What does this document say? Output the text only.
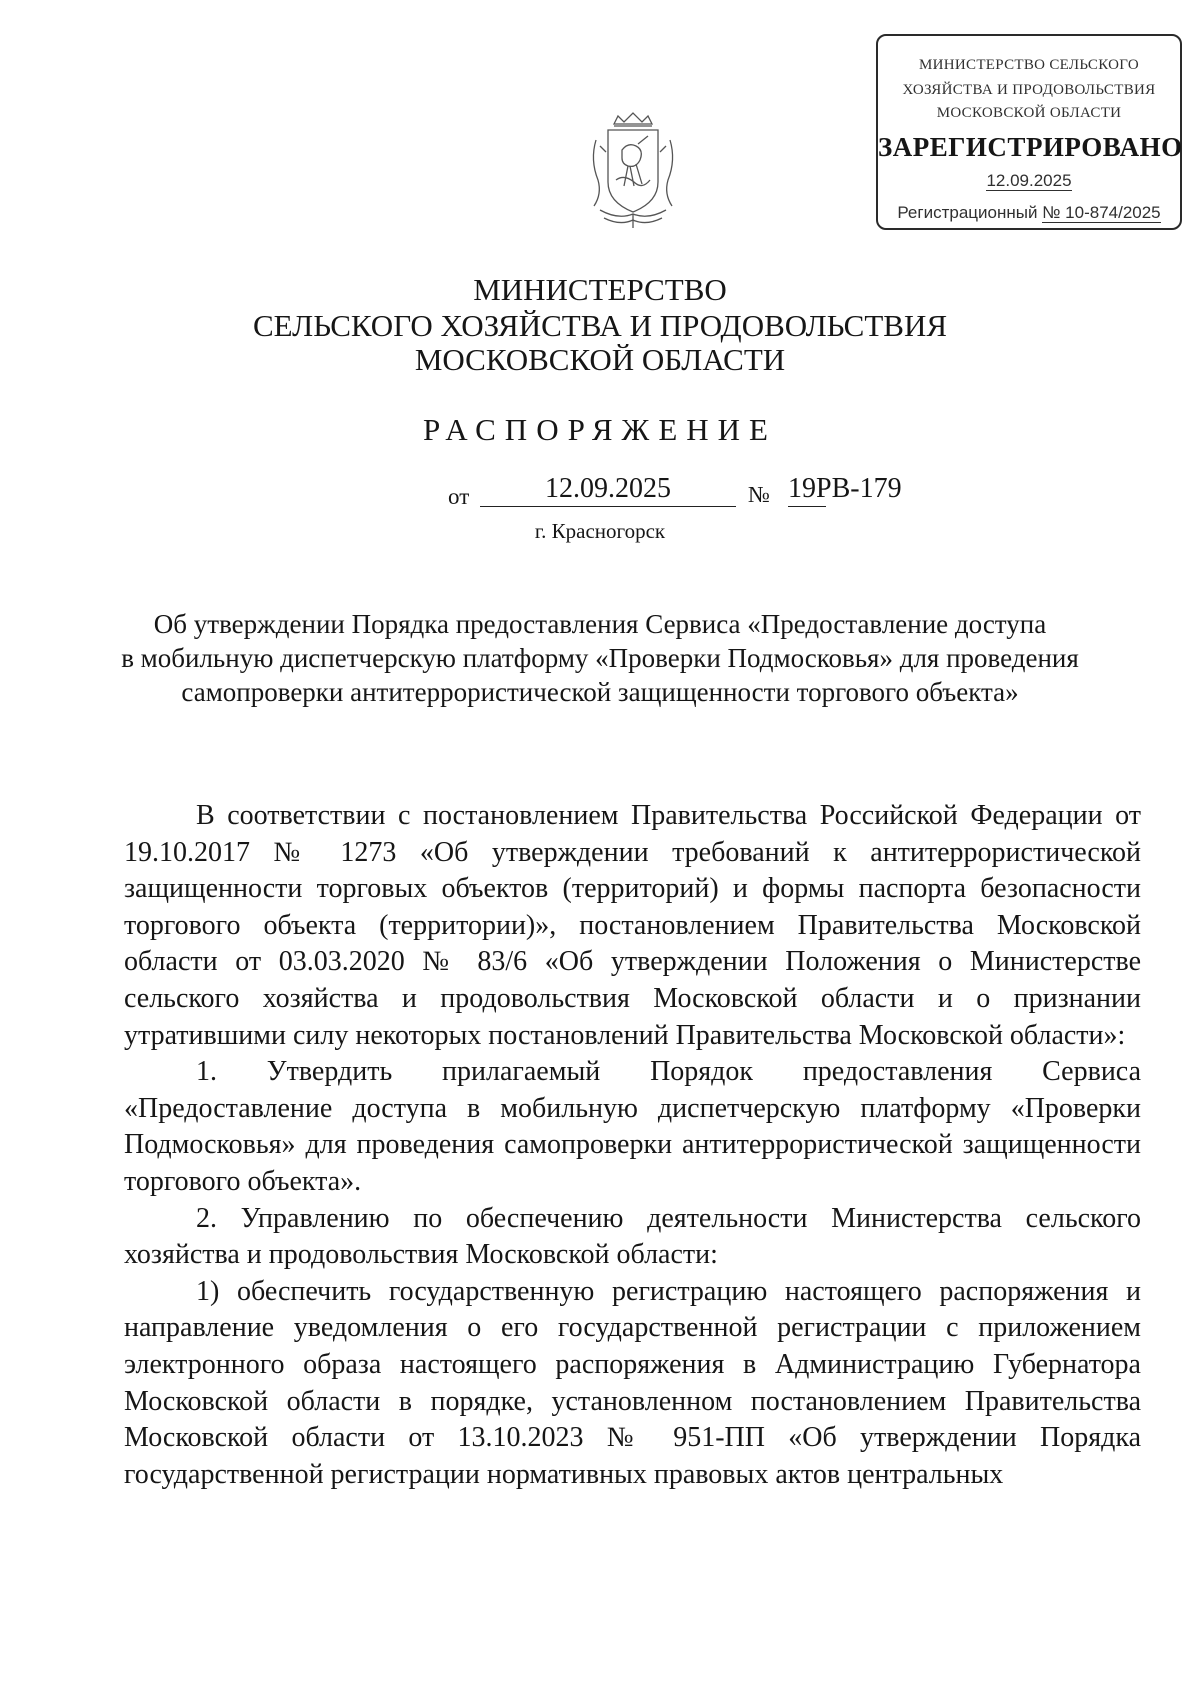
МИНИСТЕРСТВО СЕЛЬСКОГО
ХОЗЯЙСТВА И ПРОДОВОЛЬСТВИЯ
МОСКОВСКОЙ ОБЛАСТИ
ЗАРЕГИСТРИРОВАНО
12.09.2025
Регистрационный № 10-874/2025
МИНИСТЕРСТВО
СЕЛЬСКОГО ХОЗЯЙСТВА И ПРОДОВОЛЬСТВИЯ
МОСКОВСКОЙ ОБЛАСТИ
РАСПОРЯЖЕНИЕ
от	12.09.2025	№ 19РВ-179
г. Красногорск
Об утверждении Порядка предоставления Сервиса «Предоставление доступа
в мобильную диспетчерскую платформу «Проверки Подмосковья» для проведения
самопроверки антитеррористической защищенности торгового объекта»

В соответствии с постановлением Правительства Российской Федерации от 19.10.2017 № 1273 «Об утверждении требований к антитеррористической защищенности торговых объектов (территорий) и формы паспорта безопасности торгового объекта (территории)», постановлением Правительства Московской области от 03.03.2020 № 83/6 «Об утверждении Положения о Министерстве сельского хозяйства и продовольствия Московской области и о признании утратившими силу некоторых постановлений Правительства Московской области»:

1. Утвердить прилагаемый Порядок предоставления Сервиса «Предоставление доступа в мобильную диспетчерскую платформу «Проверки Подмосковья» для проведения самопроверки антитеррористической защищенности торгового объекта».

2. Управлению по обеспечению деятельности Министерства сельского хозяйства и продовольствия Московской области:

1) обеспечить государственную регистрацию настоящего распоряжения и направление уведомления о его государственной регистрации с приложением электронного образа настоящего распоряжения в Администрацию Губернатора Московской области в порядке, установленном постановлением Правительства Московской области от 13.10.2023 № 951-ПП «Об утверждении Порядка государственной регистрации нормативных правовых актов центральных
